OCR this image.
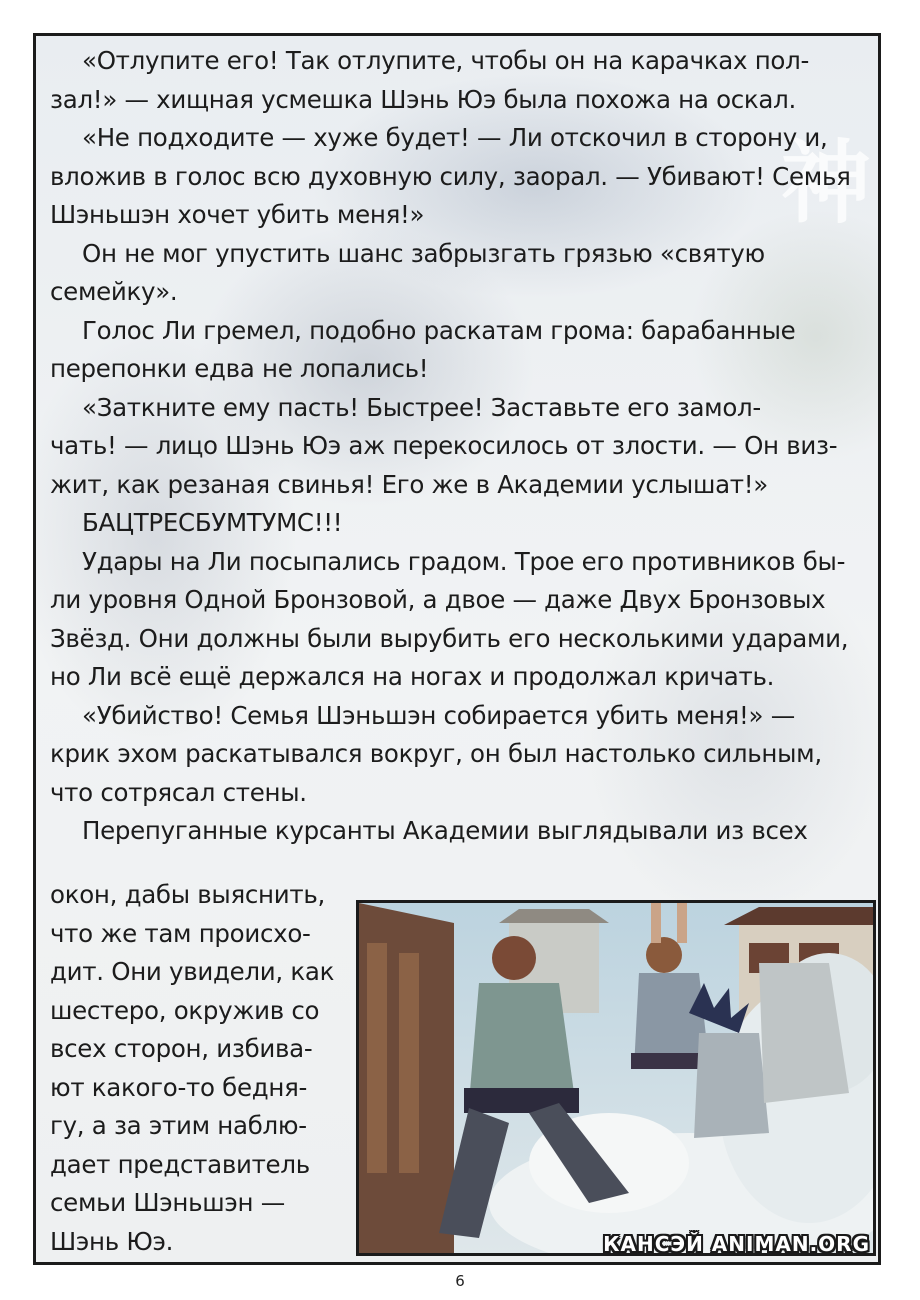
神
«Отлупите его! Так отлупите, чтобы он на карачках пол-
зал!» — хищная усмешка Шэнь Юэ была похожа на оскал.
«Не подходите — хуже будет! — Ли отскочил в сторону и,
вложив в голос всю духовную силу, заорал. — Убивают! Семья
Шэньшэн хочет убить меня!»
Он не мог упустить шанс забрызгать грязью «святую
семейку».
Голос Ли гремел, подобно раскатам грома: барабанные
перепонки едва не лопались!
«Заткните ему пасть! Быстрее! Заставьте его замол-
чать! — лицо Шэнь Юэ аж перекосилось от злости. — Он виз-
жит, как резаная свинья! Его же в Академии услышат!»
БАЦТРЕСБУМТУМС!!!
Удары на Ли посыпались градом. Трое его противников бы-
ли уровня Одной Бронзовой, а двое — даже Двух Бронзовых
Звёзд. Они должны были вырубить его несколькими ударами,
но Ли всё ещё держался на ногах и продолжал кричать.
«Убийство! Семья Шэньшэн собирается убить меня!» —
крик эхом раскатывался вокруг, он был настолько сильным,
что сотрясал стены.
Перепуганные курсанты Академии выглядывали из всех
окон, дабы выяснить,
что же там происхо-
дит. Они увидели, как
шестеро, окружив со
всех сторон, избива-
ют какого-то бедня-
гу, а за этим наблю-
дает представитель
семьи Шэньшэн —
Шэнь Юэ.	КАНСЭЙ ANIMAN.ORG
6
